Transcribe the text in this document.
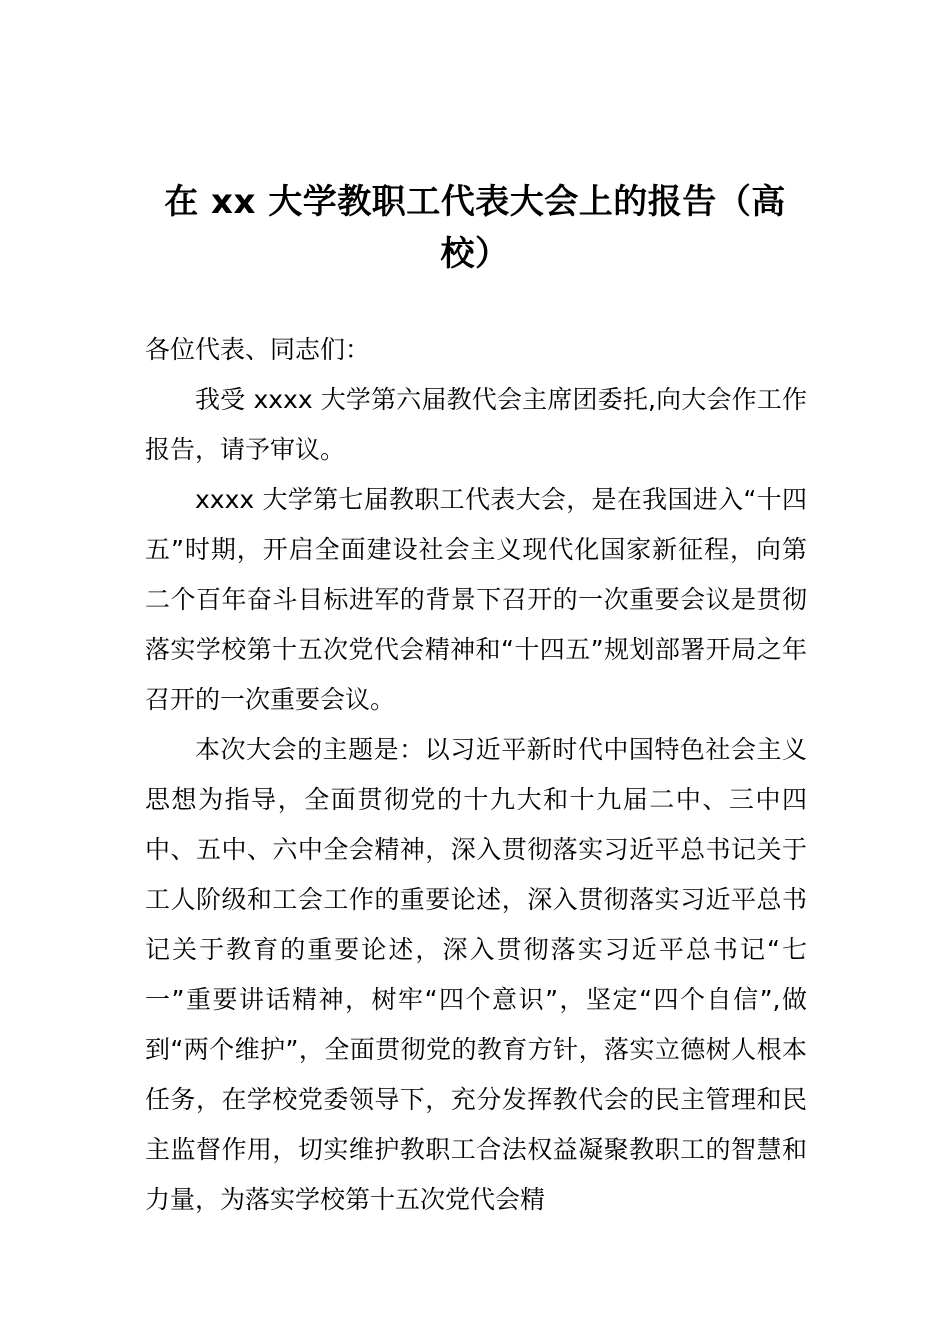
在 xx 大学教职工代表大会上的报告（高校）

各位代表、同志们：

我受 xxxx 大学第六届教代会主席团委托,向大会作工作报告，请予审议。

xxxx 大学第七届教职工代表大会，是在我国进入“十四五”时期，开启全面建设社会主义现代化国家新征程，向第二个百年奋斗目标进军的背景下召开的一次重要会议是贯彻落实学校第十五次党代会精神和“十四五”规划部署开局之年召开的一次重要会议。

本次大会的主题是：以习近平新时代中国特色社会主义思想为指导，全面贯彻党的十九大和十九届二中、三中四中、五中、六中全会精神，深入贯彻落实习近平总书记关于工人阶级和工会工作的重要论述，深入贯彻落实习近平总书记关于教育的重要论述，深入贯彻落实习近平总书记“七一”重要讲话精神，树牢“四个意识”，坚定“四个自信”,做到“两个维护”，全面贯彻党的教育方针，落实立德树人根本任务，在学校党委领导下，充分发挥教代会的民主管理和民主监督作用，切实维护教职工合法权益凝聚教职工的智慧和力量，为落实学校第十五次党代会精
